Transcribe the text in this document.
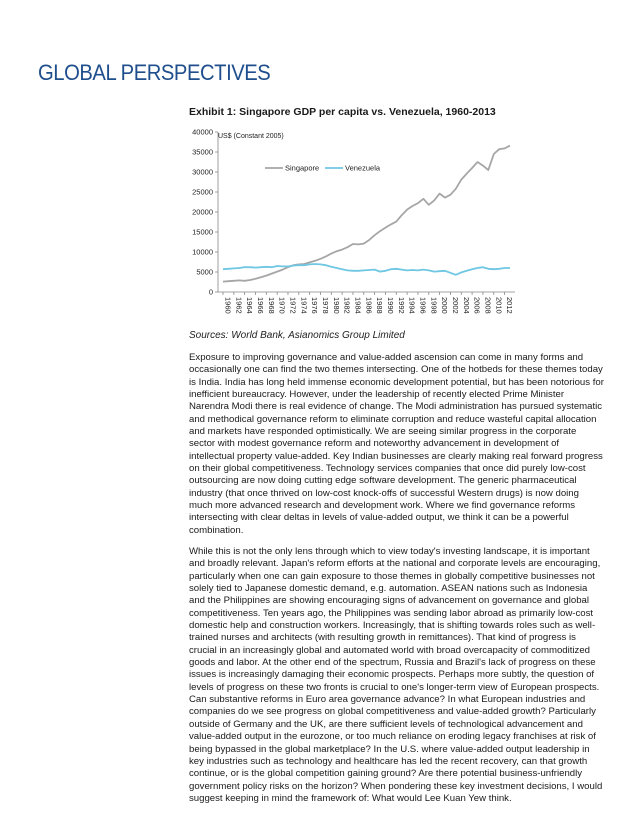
GLOBAL PERSPECTIVES
Exhibit 1: Singapore GDP per capita vs. Venezuela, 1960-2013
0
5000
10000
15000
20000
25000
30000
35000
40000
1960 1962 1964 1966 1968 1970 1972 1974 1976 1978 1980 1982 1984 1986 1988 1990 1992 1994 1996 1998 2000 2002 2004 2006 2008 2010 2012
Singapore	Venezuela
US$ (Constant 2005)
Sources: World Bank, Asianomics Group Limited

Exposure to improving governance and value-added ascension can come in many forms and occasionally one can find the two themes intersecting. One of the hotbeds for these themes today is India. India has long held immense economic development potential, but has been notorious for inefficient bureaucracy. However, under the leadership of recently elected Prime Minister Narendra Modi there is real evidence of change. The Modi administration has pursued systematic and methodical governance reform to eliminate corruption and reduce wasteful capital allocation and markets have responded optimistically. We are seeing similar progress in the corporate sector with modest governance reform and noteworthy advancement in development of intellectual property value-added. Key Indian businesses are clearly making real forward progress on their global competitiveness. Technology services companies that once did purely low-cost outsourcing are now doing cutting edge software development. The generic pharmaceutical industry (that once thrived on low-cost knock-offs of successful Western drugs) is now doing much more advanced research and development work. Where we find governance reforms intersecting with clear deltas in levels of value-added output, we think it can be a powerful combination.

While this is not the only lens through which to view today's investing landscape, it is important and broadly relevant. Japan's reform efforts at the national and corporate levels are encouraging, particularly when one can gain exposure to those themes in globally competitive businesses not solely tied to Japanese domestic demand, e.g. automation. ASEAN nations such as Indonesia and the Philippines are showing encouraging signs of advancement on governance and global competitiveness. Ten years ago, the Philippines was sending labor abroad as primarily low-cost domestic help and construction workers. Increasingly, that is shifting towards roles such as well-trained nurses and architects (with resulting growth in remittances). That kind of progress is crucial in an increasingly global and automated world with broad overcapacity of commoditized goods and labor. At the other end of the spectrum, Russia and Brazil's lack of progress on these issues is increasingly damaging their economic prospects. Perhaps more subtly, the question of levels of progress on these two fronts is crucial to one's longer-term view of European prospects. Can substantive reforms in Euro area governance advance? In what European industries and companies do we see progress on global competitiveness and value-added growth? Particularly outside of Germany and the UK, are there sufficient levels of technological advancement and value-added output in the eurozone, or too much reliance on eroding legacy franchises at risk of being bypassed in the global marketplace? In the U.S. where value-added output leadership in key industries such as technology and healthcare has led the recent recovery, can that growth continue, or is the global competition gaining ground? Are there potential business-unfriendly government policy risks on the horizon? When pondering these key investment decisions, I would suggest keeping in mind the framework of: What would Lee Kuan Yew think.
